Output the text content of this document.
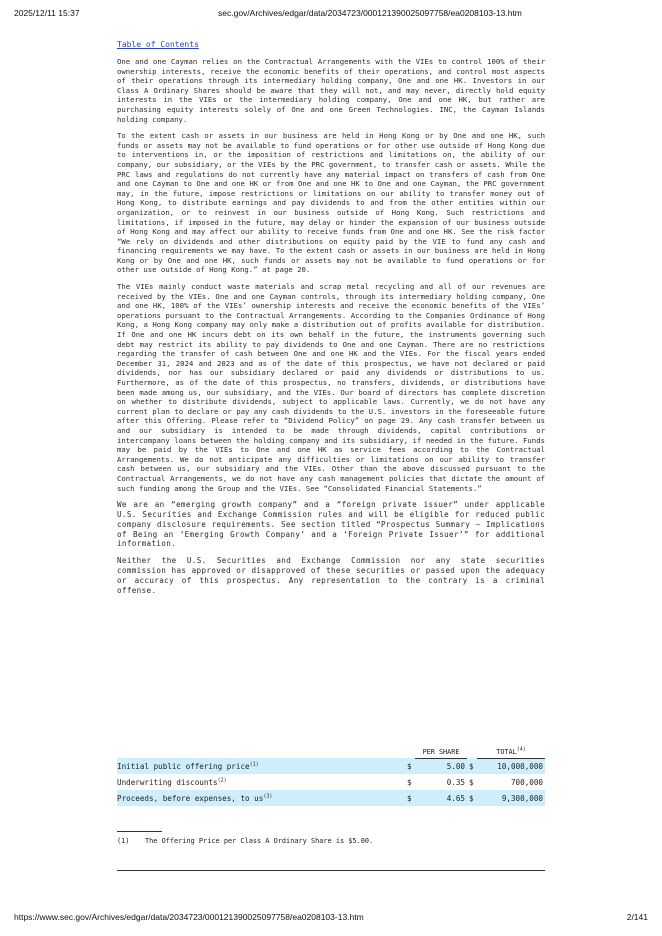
2025/12/11 15:37	sec.gov/Archives/edgar/data/2034723/000121390025097758/ea0208103-13.htm
Table of Contents

One and one Cayman relies on the Contractual Arrangements with the VIEs to control 100% of their ownership interests, receive the economic benefits of their operations, and control most aspects of their operations through its intermediary holding company, One and one HK. Investors in our Class A Ordinary Shares should be aware that they will not, and may never, directly hold equity interests in the VIEs or the intermediary holding company, One and one HK, but rather are purchasing equity interests solely of One and one Green Technologies. INC, the Cayman Islands holding company.

To the extent cash or assets in our business are held in Hong Kong or by One and one HK, such funds or assets may not be available to fund operations or for other use outside of Hong Kong due to interventions in, or the imposition of restrictions and limitations on, the ability of our company, our subsidiary, or the VIEs by the PRC government, to transfer cash or assets. While the PRC laws and regulations do not currently have any material impact on transfers of cash from One and one Cayman to One and one HK or from One and one HK to One and one Cayman, the PRC government may, in the future, impose restrictions or limitations on our ability to transfer money out of Hong Kong, to distribute earnings and pay dividends to and from the other entities within our organization, or to reinvest in our business outside of Hong Kong. Such restrictions and limitations, if imposed in the future, may delay or hinder the expansion of our business outside of Hong Kong and may affect our ability to receive funds from One and one HK. See the risk factor “We rely on dividends and other distributions on equity paid by the VIE to fund any cash and financing requirements we may have. To the extent cash or assets in our business are held in Hong Kong or by One and one HK, such funds or assets may not be available to fund operations or for other use outside of Hong Kong.” at page 20.

The VIEs mainly conduct waste materials and scrap metal recycling and all of our revenues are received by the VIEs. One and one Cayman controls, through its intermediary holding company, One and one HK, 100% of the VIEs’ ownership interests and receive the economic benefits of the VIEs’ operations pursuant to the Contractual Arrangements. According to the Companies Ordinance of Hong Kong, a Hong Kong company may only make a distribution out of profits available for distribution. If One and one HK incurs debt on its own behalf in the future, the instruments governing such debt may restrict its ability to pay dividends to One and one Cayman. There are no restrictions regarding the transfer of cash between One and one HK and the VIEs. For the fiscal years ended December 31, 2024 and 2023 and as of the date of this prospectus, we have not declared or paid dividends, nor has our subsidiary declared or paid any dividends or distributions to us. Furthermore, as of the date of this prospectus, no transfers, dividends, or distributions have been made among us, our subsidiary, and the VIEs. Our board of directors has complete discretion on whether to distribute dividends, subject to applicable laws. Currently, we do not have any current plan to declare or pay any cash dividends to the U.S. investors in the foreseeable future after this Offering. Please refer to “Dividend Policy” on page 29. Any cash transfer between us and our subsidiary is intended to be made through dividends, capital contributions or intercompany loans between the holding company and its subsidiary, if needed in the future. Funds may be paid by the VIEs to One and one HK as service fees according to the Contractual Arrangements. We do not anticipate any difficulties or limitations on our ability to transfer cash between us, our subsidiary and the VIEs. Other than the above discussed pursuant to the Contractual Arrangements, we do not have any cash management policies that dictate the amount of such funding among the Group and the VIEs. See “Consolidated Financial Statements.”

We are an “emerging growth company” and a “foreign private issuer” under applicable U.S. Securities and Exchange Commission rules and will be eligible for reduced public company disclosure requirements. See section titled “Prospectus Summary — Implications of Being an ‘Emerging Growth Company’ and a ‘Foreign Private Issuer’” for additional information.

Neither the U.S. Securities and Exchange Commission nor any state securities commission has approved or disapproved of these securities or passed upon the adequacy or accuracy of this prospectus. Any representation to the contrary is a criminal offense.

		PER SHARE		TOTAL$^{(4)}$
Initial public offering price$^{(1)}$	$	5.00	$	10,000,000
Underwriting discounts$^{(2)}$	$	0.35	$	700,000
Proceeds, before expenses, to $us^{(3)}$	$	4.65	$	9,300,000
(1) The Offering Price per Class A Ordinary Share is $5.00.
https://www.sec.gov/Archives/edgar/data/2034723/000121390025097758/ea0208103-13.htm	2/141
